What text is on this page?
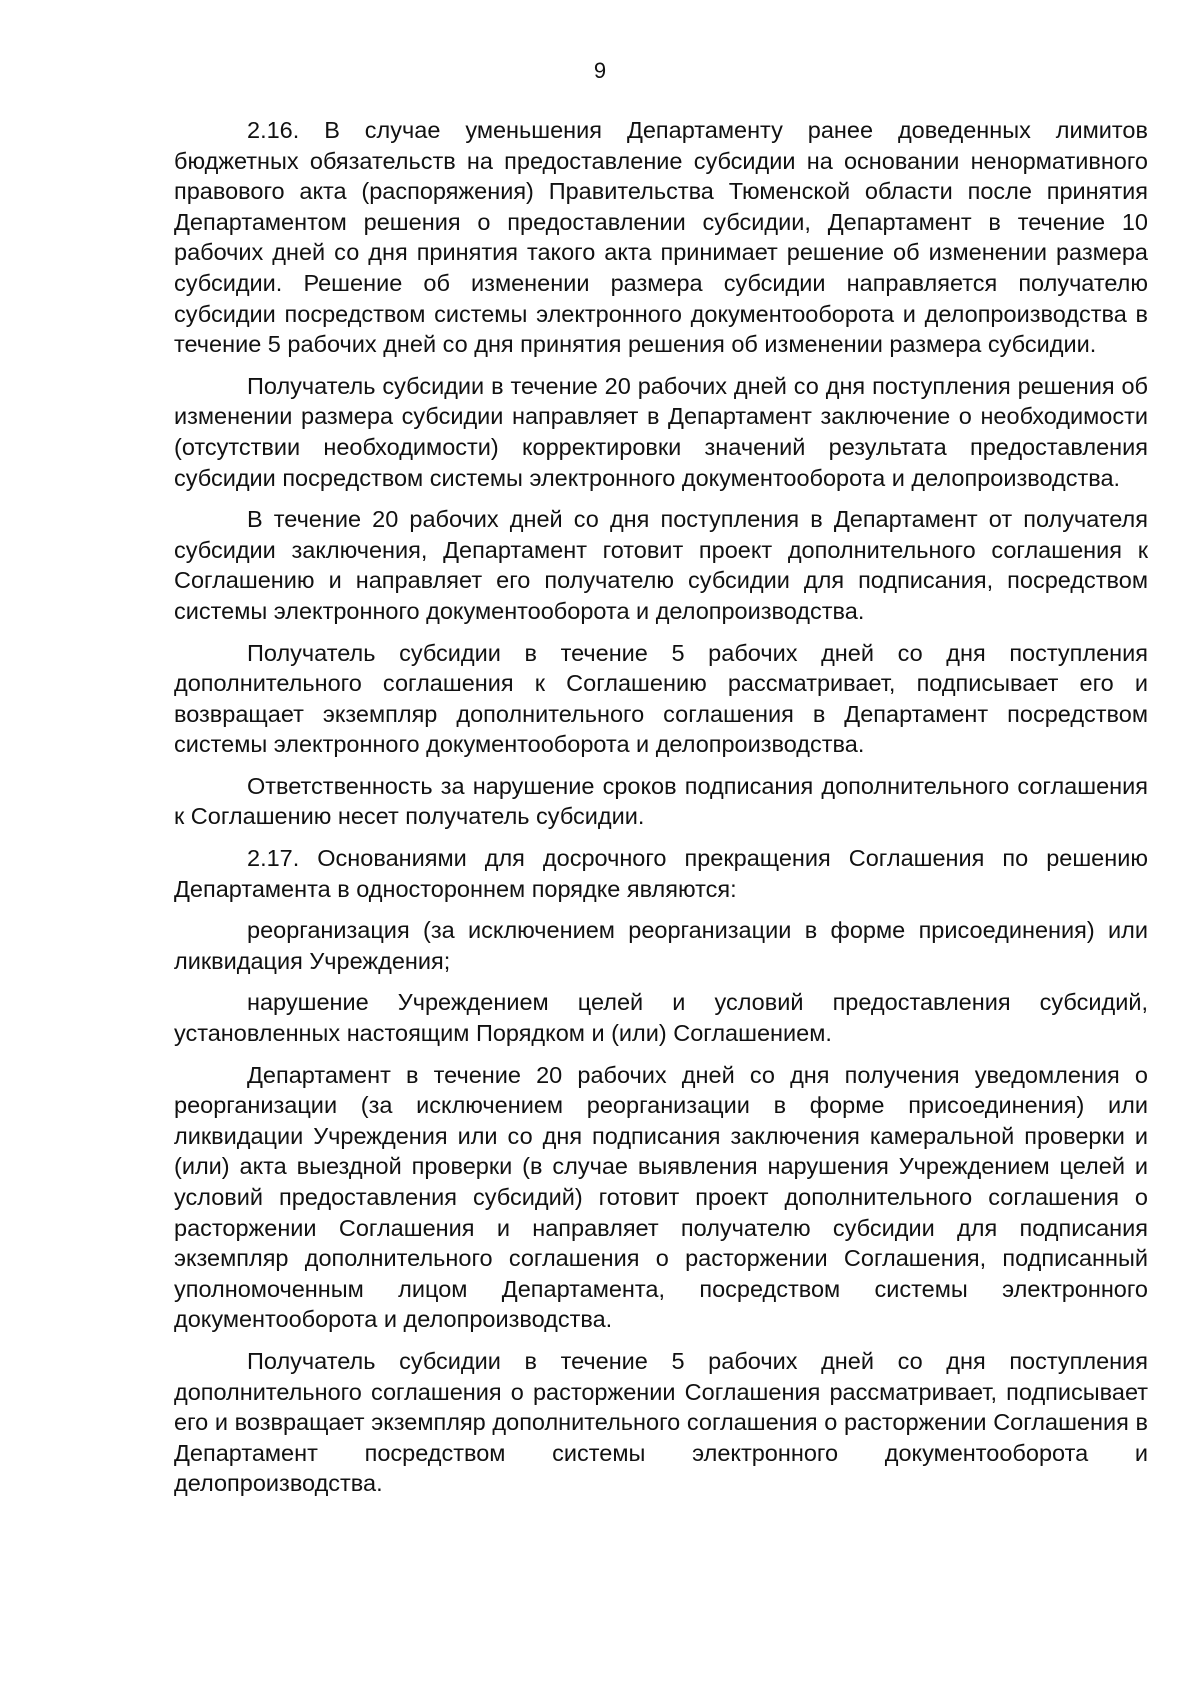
9

2.16. В случае уменьшения Департаменту ранее доведенных лимитов бюджетных обязательств на предоставление субсидии на основании ненормативного правового акта (распоряжения) Правительства Тюменской области после принятия Департаментом решения о предоставлении субсидии, Департамент в течение 10 рабочих дней со дня принятия такого акта принимает решение об изменении размера субсидии. Решение об изменении размера субсидии направляется получателю субсидии посредством системы электронного документооборота и делопроизводства в течение 5 рабочих дней со дня принятия решения об изменении размера субсидии.

Получатель субсидии в течение 20 рабочих дней со дня поступления решения об изменении размера субсидии направляет в Департамент заключение о необходимости (отсутствии необходимости) корректировки значений результата предоставления субсидии посредством системы электронного документооборота и делопроизводства.

В течение 20 рабочих дней со дня поступления в Департамент от получателя субсидии заключения, Департамент готовит проект дополнительного соглашения к Соглашению и направляет его получателю субсидии для подписания, посредством системы электронного документооборота и делопроизводства.

Получатель субсидии в течение 5 рабочих дней со дня поступления дополнительного соглашения к Соглашению рассматривает, подписывает его и возвращает экземпляр дополнительного соглашения в Департамент посредством системы электронного документооборота и делопроизводства.

Ответственность за нарушение сроков подписания дополнительного соглашения к Соглашению несет получатель субсидии.

2.17. Основаниями для досрочного прекращения Соглашения по решению Департамента в одностороннем порядке являются:

реорганизация (за исключением реорганизации в форме присоединения) или ликвидация Учреждения;

нарушение Учреждением целей и условий предоставления субсидий, установленных настоящим Порядком и (или) Соглашением.

Департамент в течение 20 рабочих дней со дня получения уведомления о реорганизации (за исключением реорганизации в форме присоединения) или ликвидации Учреждения или со дня подписания заключения камеральной проверки и (или) акта выездной проверки (в случае выявления нарушения Учреждением целей и условий предоставления субсидий) готовит проект дополнительного соглашения о расторжении Соглашения и направляет получателю субсидии для подписания экземпляр дополнительного соглашения о расторжении Соглашения, подписанный уполномоченным лицом Департамента, посредством системы электронного документооборота и делопроизводства.

Получатель субсидии в течение 5 рабочих дней со дня поступления дополнительного соглашения о расторжении Соглашения рассматривает, подписывает его и возвращает экземпляр дополнительного соглашения о расторжении Соглашения в Департамент посредством системы электронного документооборота и делопроизводства.
